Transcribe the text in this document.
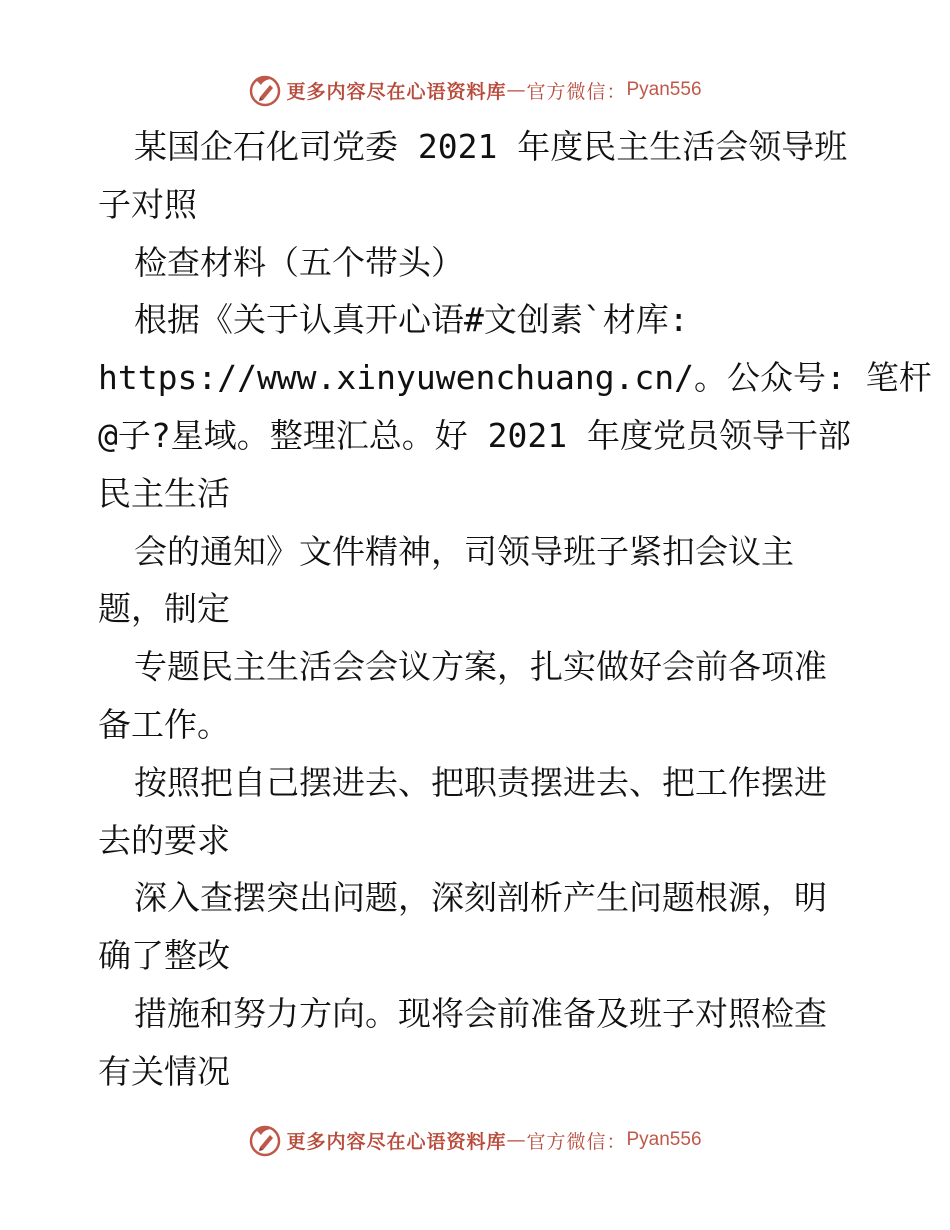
更多内容尽在心语资料库 — 官方微信： Pyan556
某国企石化司党委 2021 年度民主生活会领导班
子对照
检查材料（五个带头）
根据《关于认真开心语#文创素`材库:
https://www.xinyuwenchuang.cn/。公众号: 笔杆
@子?星域。整理汇总。好 2021 年度党员领导干部
民主生活
会的通知》文件精神，司领导班子紧扣会议主
题，制定
专题民主生活会会议方案，扎实做好会前各项准
备工作。
按照把自己摆进去、把职责摆进去、把工作摆进
去的要求
深入查摆突出问题，深刻剖析产生问题根源，明
确了整改
措施和努力方向。现将会前准备及班子对照检查
有关情况
更多内容尽在心语资料库 — 官方微信： Pyan556
